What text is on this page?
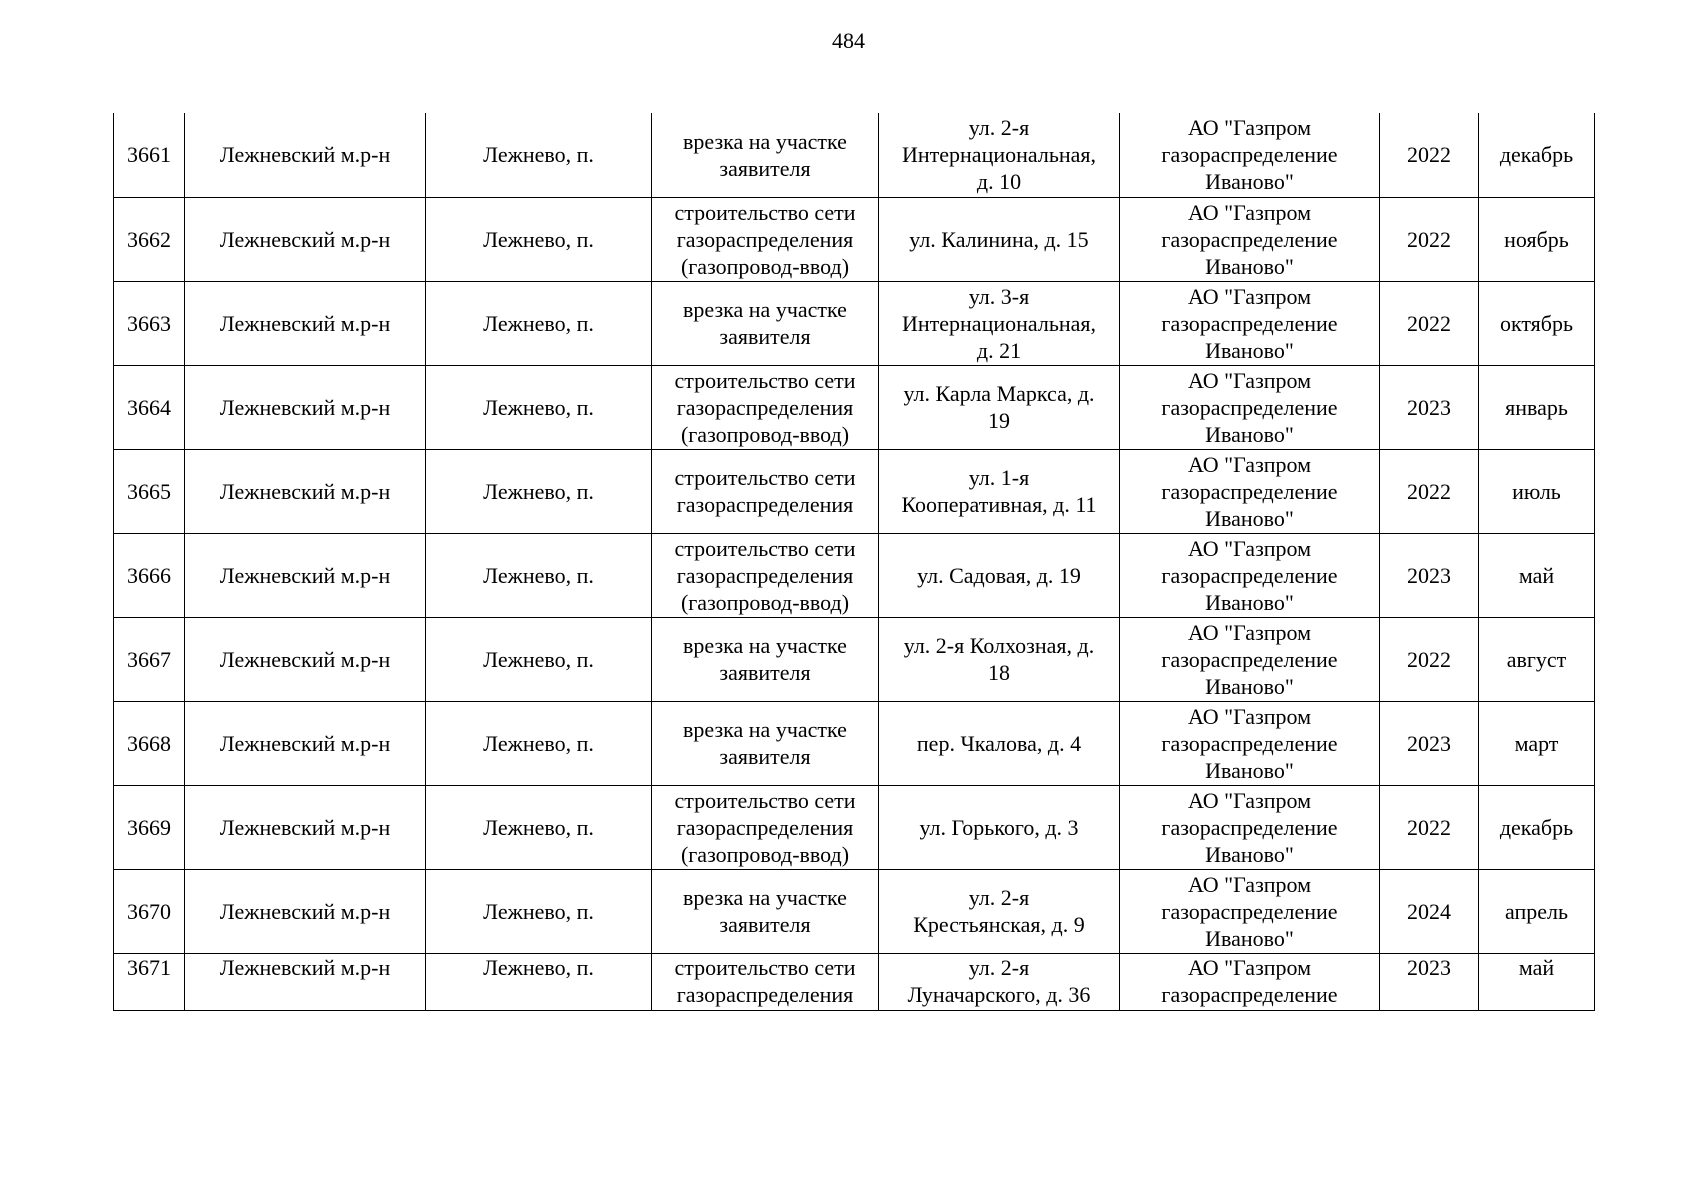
484
3661	Лежневский м.р-н	Лежнево, п.	врезка на участке
заявителя	ул. 2-я
Интернациональная,
д. 10	АО "Газпром
газораспределение
Иваново"	2022	декабрь

3662	Лежневский м.р-н	Лежнево, п.	строительство сети
газораспределения
(газопровод-ввод)	ул. Калинина, д. 15	АО "Газпром
газораспределение
Иваново"	2022	ноябрь

3663	Лежневский м.р-н	Лежнево, п.	врезка на участке
заявителя	ул. 3-я
Интернациональная,
д. 21	АО "Газпром
газораспределение
Иваново"	2022	октябрь

3664	Лежневский м.р-н	Лежнево, п.	строительство сети
газораспределения
(газопровод-ввод)	ул. Карла Маркса, д.
19	АО "Газпром
газораспределение
Иваново"	2023	январь

3665	Лежневский м.р-н	Лежнево, п.	строительство сети
газораспределения	ул. 1-я
Кооперативная, д. 11	АО "Газпром
газораспределение
Иваново"	2022	июль

3666	Лежневский м.р-н	Лежнево, п.	строительство сети
газораспределения
(газопровод-ввод)	ул. Садовая, д. 19	АО "Газпром
газораспределение
Иваново"	2023	май

3667	Лежневский м.р-н	Лежнево, п.	врезка на участке
заявителя	ул. 2-я Колхозная, д.
18	АО "Газпром
газораспределение
Иваново"	2022	август

3668	Лежневский м.р-н	Лежнево, п.	врезка на участке
заявителя	пер. Чкалова, д. 4	АО "Газпром
газораспределение
Иваново"	2023	март

3669	Лежневский м.р-н	Лежнево, п.	строительство сети
газораспределения
(газопровод-ввод)	ул. Горького, д. 3	АО "Газпром
газораспределение
Иваново"	2022	декабрь

3670	Лежневский м.р-н	Лежнево, п.	врезка на участке
заявителя	ул. 2-я
Крестьянская, д. 9	АО "Газпром
газораспределение
Иваново"	2024	апрель

3671	Лежневский м.р-н	Лежнево, п.	строительство сети
газораспределения	ул. 2-я
Луначарского, д. 36	АО "Газпром
газораспределение	2023	май
